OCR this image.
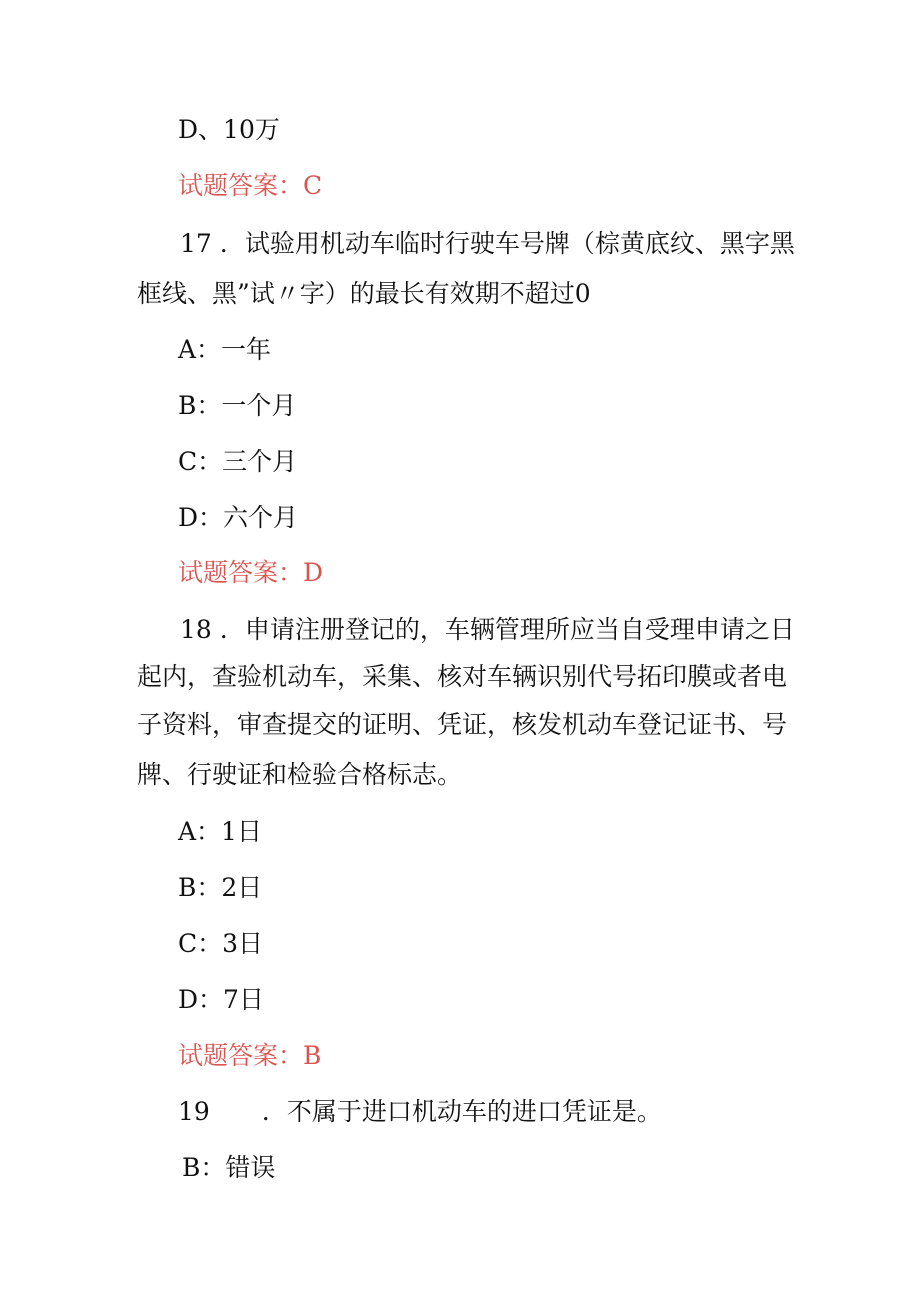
D、10万

试题答案：C

17 ．试验用机动车临时行驶车号牌（棕黄底纹、黑字黑

框线、黑”试〃字）的最长有效期不超过0

A：一年

B：一个月

C：三个月

D：六个月

试题答案：D

18 ．申请注册登记的，车辆管理所应当自受理申请之日

起内，查验机动车，采集、核对车辆识别代号拓印膜或者电

子资料，审查提交的证明、凭证，核发机动车登记证书、号

牌、行驶证和检验合格标志。

A：1日

B：2日

C：3日

D：7日

试题答案：B

19 ．不属于进口机动车的进口凭证是。

B：错误
